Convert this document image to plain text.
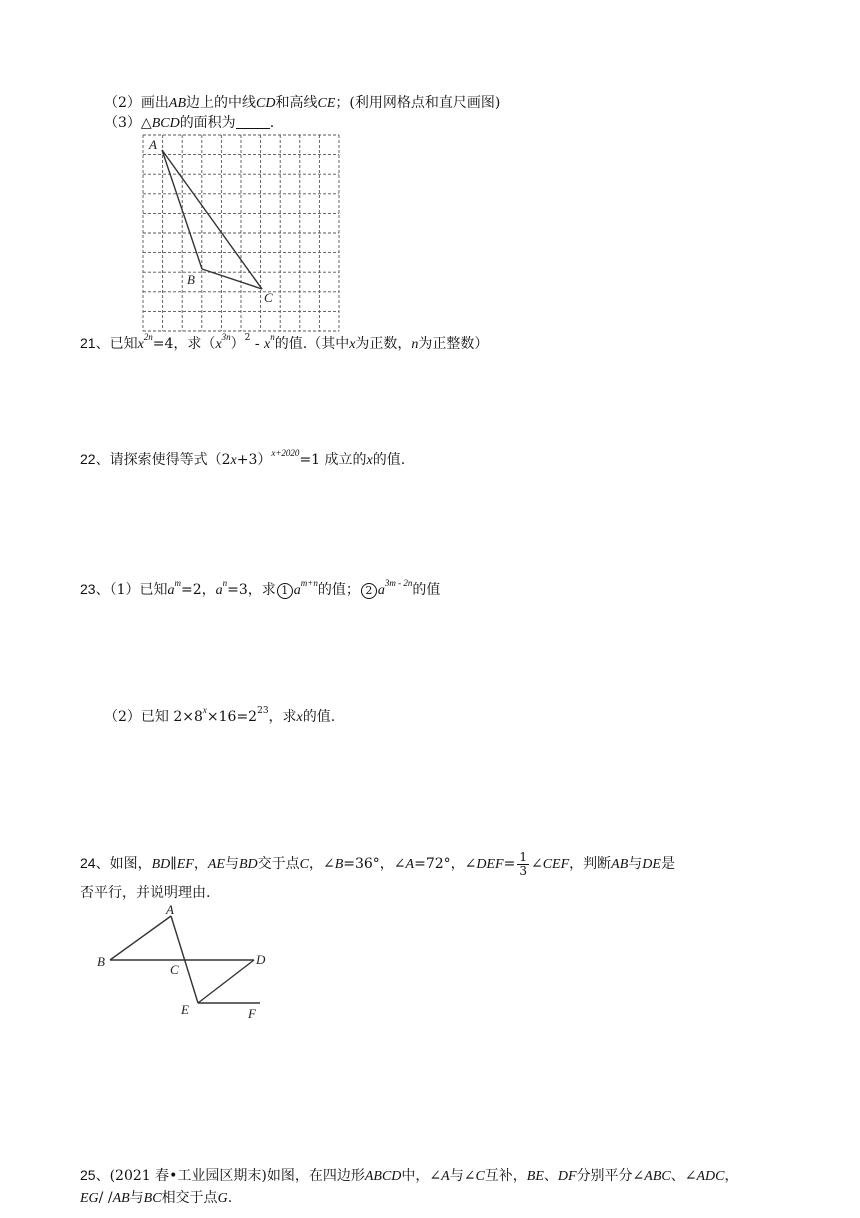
（2）画出AB边上的中线CD和高线CE；(利用网格点和直尺画图)
（3）△BCD的面积为 .
A
B
C
21、已知$x^{2n}=4$，求$(x^{3n})^2 - x^n$的值.（其中x为正数，n为正整数）
22、请探索使得等式$(2x+3)^{x+2020}=1$ 成立的x的值.
23、（1）已知$a^m=2$，$a^n=3$，求 1 $a^{m+n}$的值； 2 $a^{3m - 2n}$的值
（2）已知 $2\times 8^x\times 16=2^{23}$，求x的值.
24、如图，BD∥EF，AE与BD交于点C，∠B=36°，∠A=72°，∠DEF= $\frac{1}{3}$ ∠CEF，判断AB与DE是
否平行，并说明理由.
A
B
C
D
E	F
25、(2021 春•工业园区期末)如图，在四边形ABCD中，∠A与∠C互补，BE、DF分别平分∠ABC、∠ADC，
EG/ /AB与BC相交于点G.
